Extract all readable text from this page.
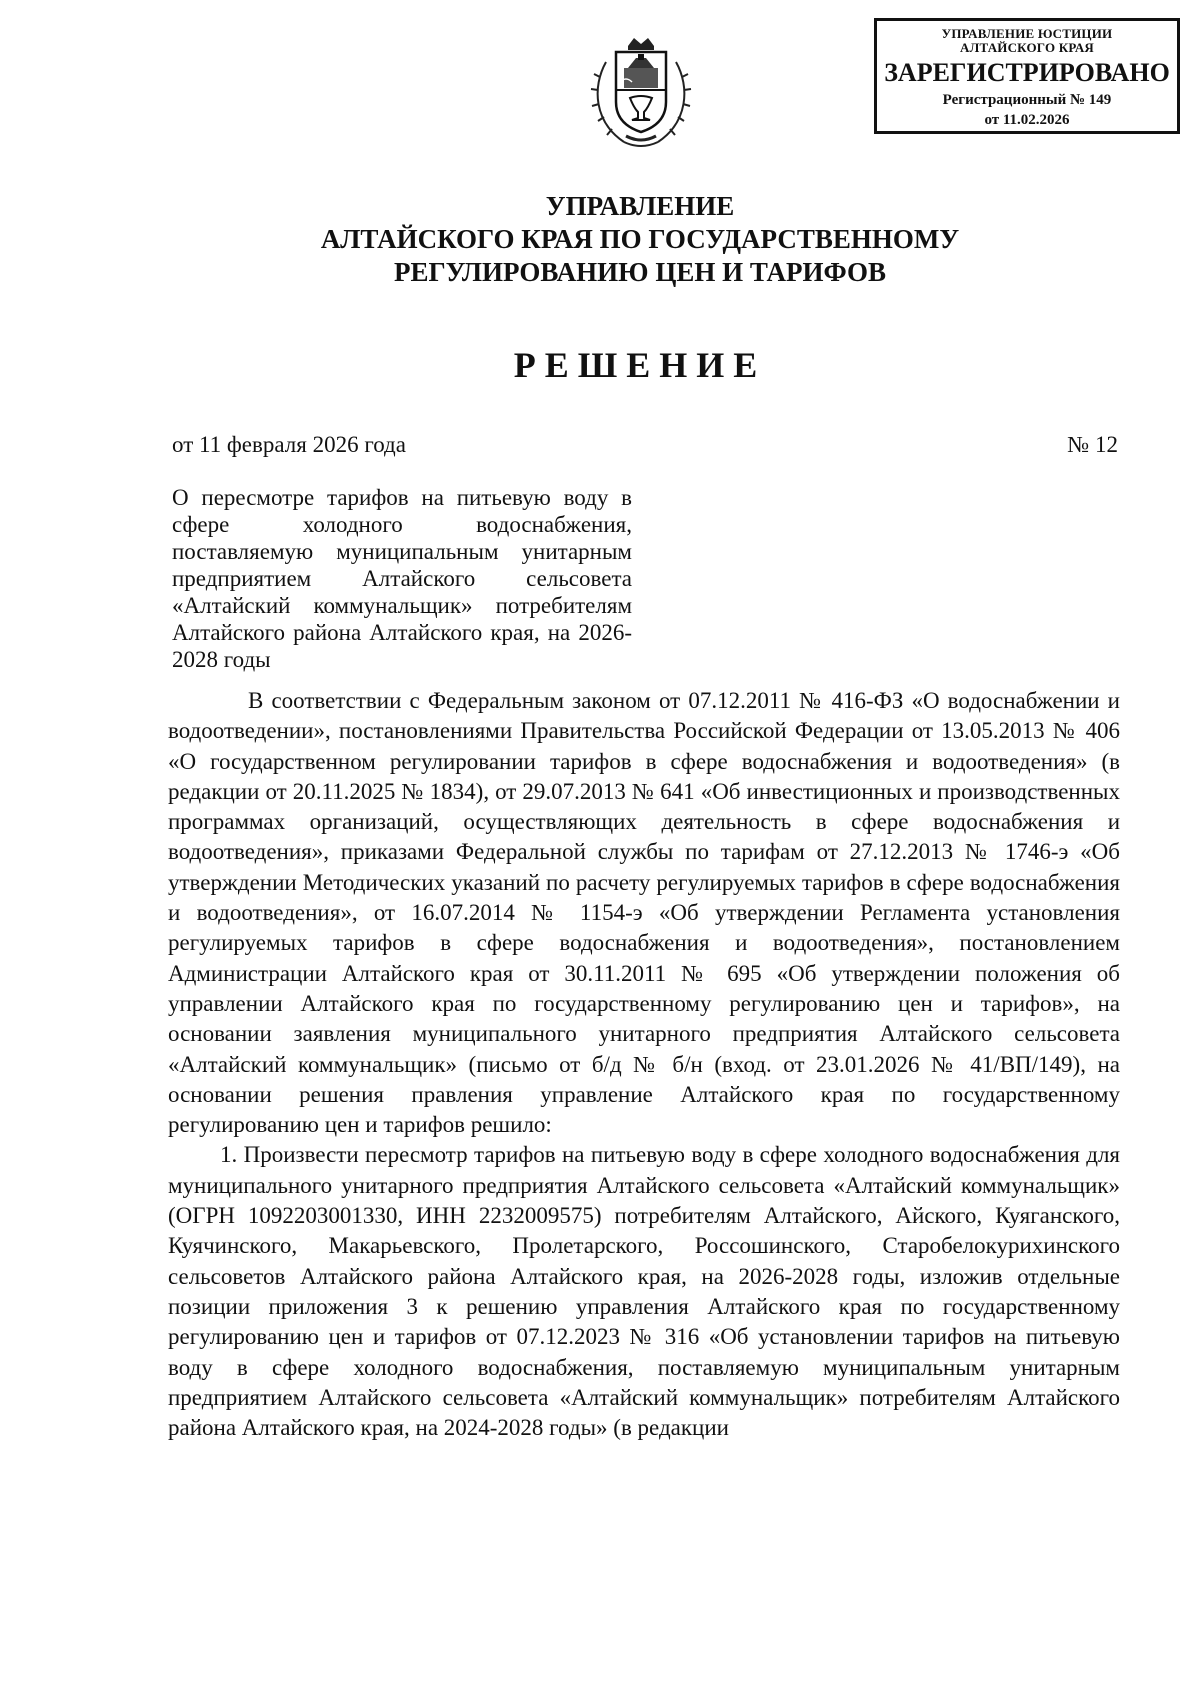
УПРАВЛЕНИЕ ЮСТИЦИИ
АЛТАЙСКОГО КРАЯ
ЗАРЕГИСТРИРОВАНО
Регистрационный № 149
от 11.02.2026
УПРАВЛЕНИЕ
АЛТАЙСКОГО КРАЯ ПО ГОСУДАРСТВЕННОМУ
РЕГУЛИРОВАНИЮ ЦЕН И ТАРИФОВ
РЕШЕНИЕ
от 11 февраля 2026 года	№ 12
О пересмотре тарифов на питьевую воду в сфере холодного водоснабжения, поставляемую муниципальным унитарным предприятием Алтайского сельсовета «Алтайский коммунальщик» потребителям Алтайского района Алтайского края, на 2026-2028 годы

В соответствии с Федеральным законом от 07.12.2011 № 416-ФЗ «О водоснабжении и водоотведении», постановлениями Правительства Российской Федерации от 13.05.2013 № 406 «О государственном регулировании тарифов в сфере водоснабжения и водоотведения» (в редакции от 20.11.2025 № 1834), от 29.07.2013 № 641 «Об инвестиционных и производственных программах организаций, осуществляющих деятельность в сфере водоснабжения и водоотведения», приказами Федеральной службы по тарифам от 27.12.2013 № 1746-э «Об утверждении Методических указаний по расчету регулируемых тарифов в сфере водоснабжения и водоотведения», от 16.07.2014 № 1154-э «Об утверждении Регламента установления регулируемых тарифов в сфере водоснабжения и водоотведения», постановлением Администрации Алтайского края от 30.11.2011 № 695 «Об утверждении положения об управлении Алтайского края по государственному регулированию цен и тарифов», на основании заявления муниципального унитарного предприятия Алтайского сельсовета «Алтайский коммунальщик» (письмо от б/д № б/н (вход. от 23.01.2026 № 41/ВП/149), на основании решения правления управление Алтайского края по государственному регулированию цен и тарифов решило:

1. Произвести пересмотр тарифов на питьевую воду в сфере холодного водоснабжения для муниципального унитарного предприятия Алтайского сельсовета «Алтайский коммунальщик» (ОГРН 1092203001330, ИНН 2232009575) потребителям Алтайского, Айского, Куяганского, Куячинского, Макарьевского, Пролетарского, Россошинского, Старобелокурихинского сельсоветов Алтайского района Алтайского края, на 2026-2028 годы, изложив отдельные позиции приложения 3 к решению управления Алтайского края по государственному регулированию цен и тарифов от 07.12.2023 № 316 «Об установлении тарифов на питьевую воду в сфере холодного водоснабжения, поставляемую муниципальным унитарным предприятием Алтайского сельсовета «Алтайский коммунальщик» потребителям Алтайского района Алтайского края, на 2024-2028 годы» (в редакции
